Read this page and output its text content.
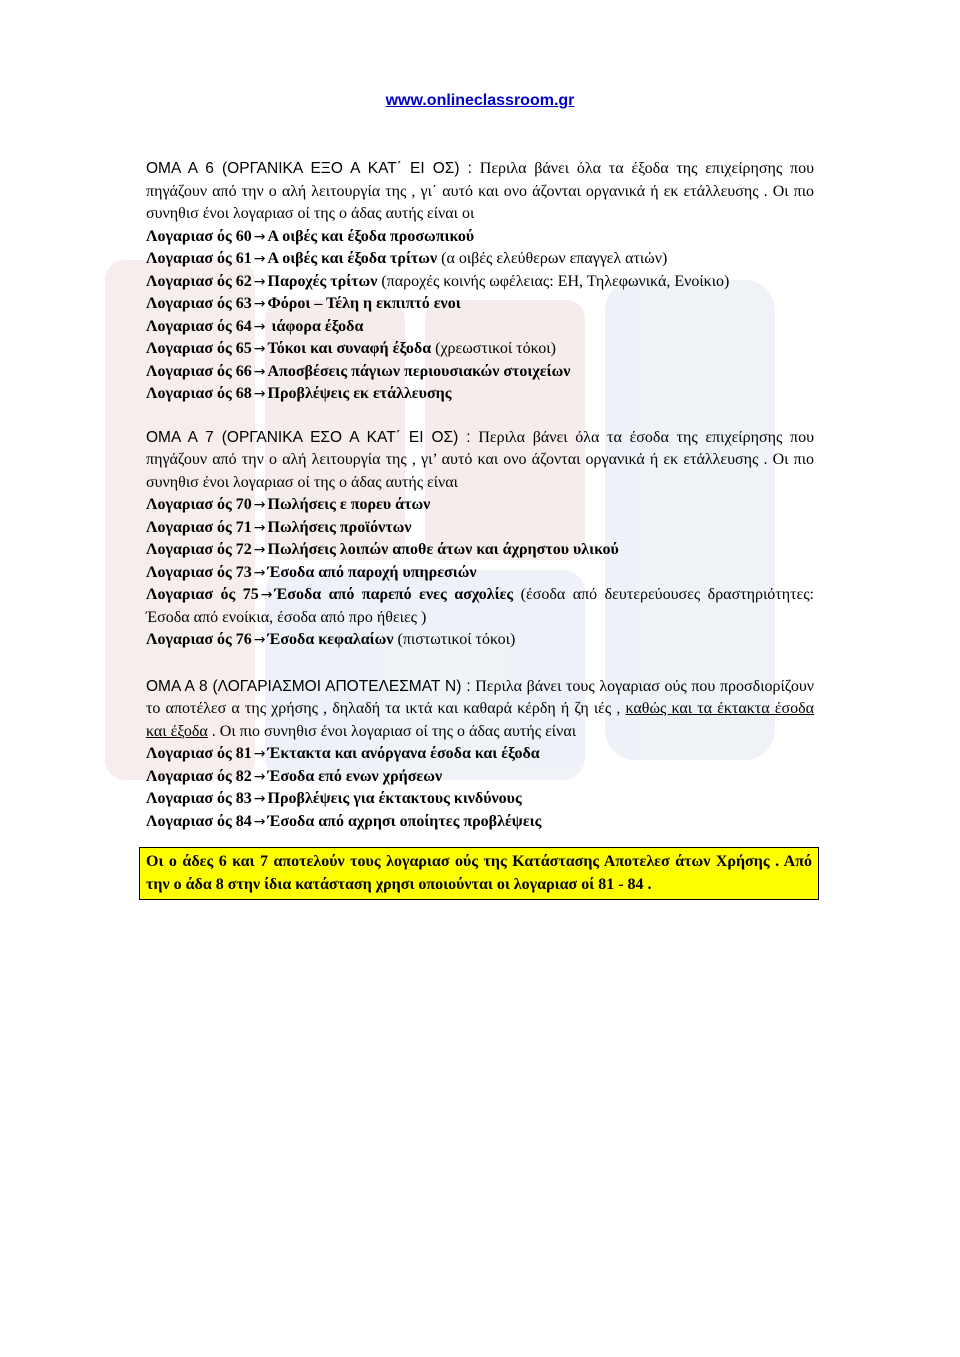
www.onlineclassroom.gr

ΟΜΑ Α 6 (ΟΡΓΑΝΙΚΑ ΕΞΟ Α ΚΑΤ΄ ΕΙ ΟΣ) : Περιλα βάνει όλα τα έξοδα της επιχείρησης που πηγάζουν από την ο αλή λειτουργία της , γι΄ αυτό και ονο άζονται οργανικά ή εκ ετάλλευσης . Οι πιο συνηθισ ένοι λογαριασ οί της ο άδας αυτής είναι οι

Λογαριασ ός 60 → Α οιβές και έξοδα προσωπικού

Λογαριασ ός 61 → Α οιβές και έξοδα τρίτων (α οιβές ελεύθερων επαγγελ ατιών)

Λογαριασ ός 62 → Παροχές τρίτων (παροχές κοινής ωφέλειας: ΕΗ, Τηλεφωνικά, Ενοίκιο)

Λογαριασ ός 63 → Φόροι – Τέλη η εκπιπτό ενοι

Λογαριασ ός 64 → ιάφορα έξοδα

Λογαριασ ός 65 → Τόκοι και συναφή έξοδα (χρεωστικοί τόκοι)

Λογαριασ ός 66 → Αποσβέσεις πάγιων περιουσιακών στοιχείων

Λογαριασ ός 68 → Προβλέψεις εκ ετάλλευσης

ΟΜΑ Α 7 (ΟΡΓΑΝΙΚΑ ΕΣΟ Α ΚΑΤ΄ ΕΙ ΟΣ) : Περιλα βάνει όλα τα έσοδα της επιχείρησης που πηγάζουν από την ο αλή λειτουργία της , γι’ αυτό και ονο άζονται οργανικά ή εκ ετάλλευσης . Οι πιο συνηθισ ένοι λογαριασ οί της ο άδας αυτής είναι

Λογαριασ ός 70 → Πωλήσεις ε πορευ άτων

Λογαριασ ός 71 → Πωλήσεις προϊόντων

Λογαριασ ός 72 → Πωλήσεις λοιπών αποθε άτων και άχρηστου υλικού

Λογαριασ ός 73 → Έσοδα από παροχή υπηρεσιών

Λογαριασ ός 75 → Έσοδα από παρεπό ενες ασχολίες (έσοδα από δευτερεύουσες δραστηριότητες: Έσοδα από ενοίκια, έσοδα από προ ήθειες )

Λογαριασ ός 76 → Έσοδα κεφαλαίων (πιστωτικοί τόκοι)

ΟΜΑ Α 8 (ΛΟΓΑΡΙΑΣΜΟΙ ΑΠΟΤΕΛΕΣΜΑΤ Ν) : Περιλα βάνει τους λογαριασ ούς που προσδιορίζουν το αποτέλεσ α της χρήσης , δηλαδή τα ικτά και καθαρά κέρδη ή ζη ιές , καθώς και τα έκτακτα έσοδα και έξοδα . Οι πιο συνηθισ ένοι λογαριασ οί της ο άδας αυτής είναι

Λογαριασ ός 81 → Έκτακτα και ανόργανα έσοδα και έξοδα

Λογαριασ ός 82 → Έσοδα επό ενων χρήσεων

Λογαριασ ός 83 → Προβλέψεις για έκτακτους κινδύνους

Λογαριασ ός 84 → Έσοδα από αχρησι οποίητες προβλέψεις

Οι ο άδες 6 και 7 αποτελούν τους λογαριασ ούς της Κατάστασης Αποτελεσ άτων Χρήσης . Από την ο άδα 8 στην ίδια κατάσταση χρησι οποιούνται οι λογαριασ οί 81 - 84 .
